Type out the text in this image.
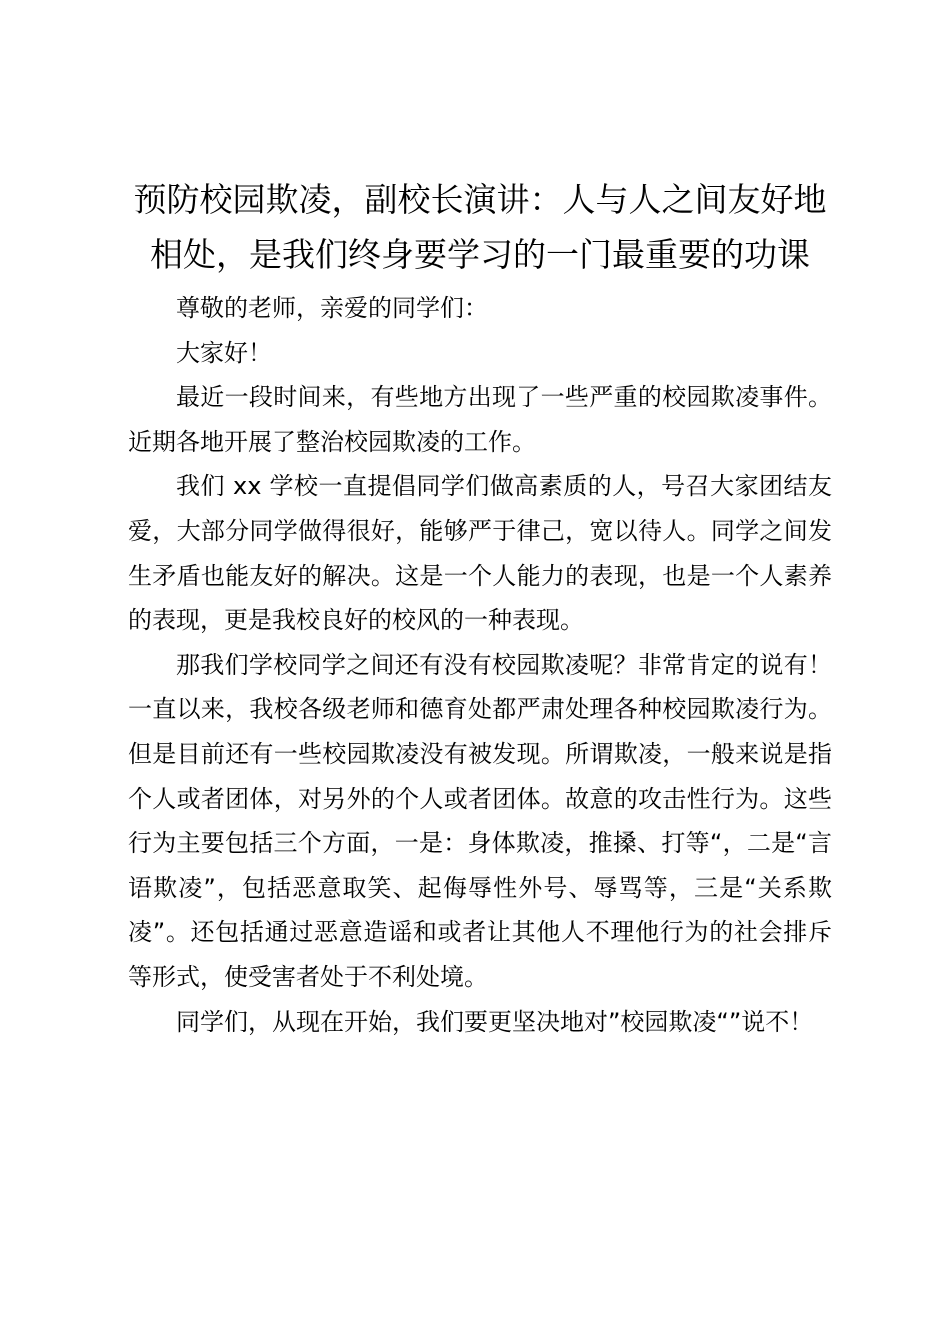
预防校园欺凌，副校长演讲：人与人之间友好地相处，是我们终身要学习的一门最重要的功课

尊敬的老师，亲爱的同学们：

大家好！

最近一段时间来，有些地方出现了一些严重的校园欺凌事件。近期各地开展了整治校园欺凌的工作。

我们 xx 学校一直提倡同学们做高素质的人，号召大家团结友爱，大部分同学做得很好，能够严于律己，宽以待人。同学之间发生矛盾也能友好的解决。这是一个人能力的表现，也是一个人素养的表现，更是我校良好的校风的一种表现。

那我们学校同学之间还有没有校园欺凌呢？非常肯定的说有！一直以来，我校各级老师和德育处都严肃处理各种校园欺凌行为。但是目前还有一些校园欺凌没有被发现。所谓欺凌，一般来说是指个人或者团体，对另外的个人或者团体。故意的攻击性行为。这些行为主要包括三个方面，一是：身体欺凌，推搡、打等“，二是“言语欺凌”，包括恶意取笑、起侮辱性外号、辱骂等，三是“关系欺凌”。还包括通过恶意造谣和或者让其他人不理他行为的社会排斥等形式，使受害者处于不利处境。

同学们，从现在开始，我们要更坚决地对”校园欺凌“”说不！
